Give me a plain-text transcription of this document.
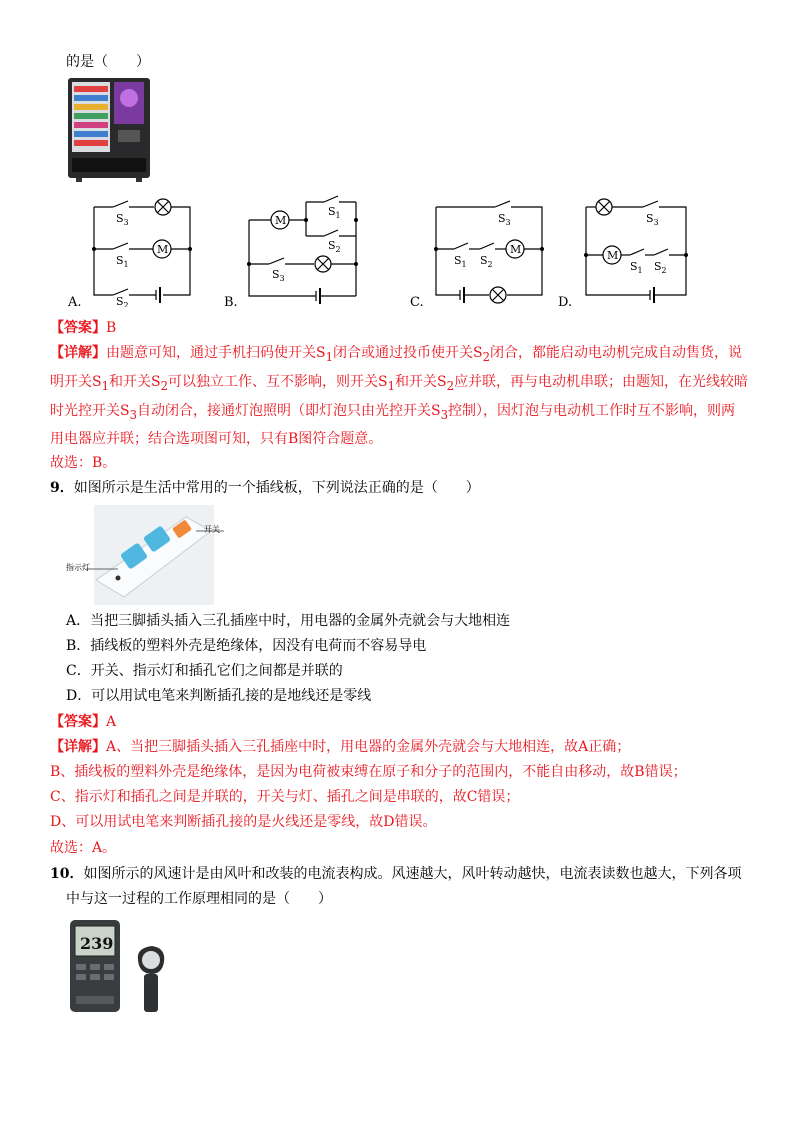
的是（　　）
$S_3$
$S_1$
$S_2$
M
A.
M
$S_1$
$S_2$
$S_3$
B.
$S_3$
$S_1$ $S_2$
M
C.
$S_3$
M
$S_1$ $S_2$
D.
【答案】B
【详解】由题意可知，通过手机扫码使开关$S_1$闭合或通过投币使开关$S_2$闭合，都能启动电动机完成自动售货，说
明开关$S_1$和开关$S_2$可以独立工作、互不影响，则开关$S_1$和开关$S_2$应并联，再与电动机串联；由题知，在光线较暗
时光控开关$S_3$自动闭合，接通灯泡照明（即灯泡只由光控开关$S_3$控制），因灯泡与电动机工作时互不影响，则两
用电器应并联；结合选项图可知，只有B图符合题意。
故选：B。
9．如图所示是生活中常用的一个插线板，下列说法正确的是（　　）
开关
指示灯
A．当把三脚插头插入三孔插座中时，用电器的金属外壳就会与大地相连
B．插线板的塑料外壳是绝缘体，因没有电荷而不容易导电
C．开关、指示灯和插孔它们之间都是并联的
D．可以用试电笔来判断插孔接的是地线还是零线
【答案】A
【详解】A、当把三脚插头插入三孔插座中时，用电器的金属外壳就会与大地相连，故A正确；
B、插线板的塑料外壳是绝缘体，是因为电荷被束缚在原子和分子的范围内，不能自由移动，故B错误；
C、指示灯和插孔之间是并联的，开关与灯、插孔之间是串联的，故C错误；
D、可以用试电笔来判断插孔接的是火线还是零线，故D错误。
故选：A。
10．如图所示的风速计是由风叶和改装的电流表构成。风速越大，风叶转动越快，电流表读数也越大，下列各项
中与这一过程的工作原理相同的是（　　）
239
